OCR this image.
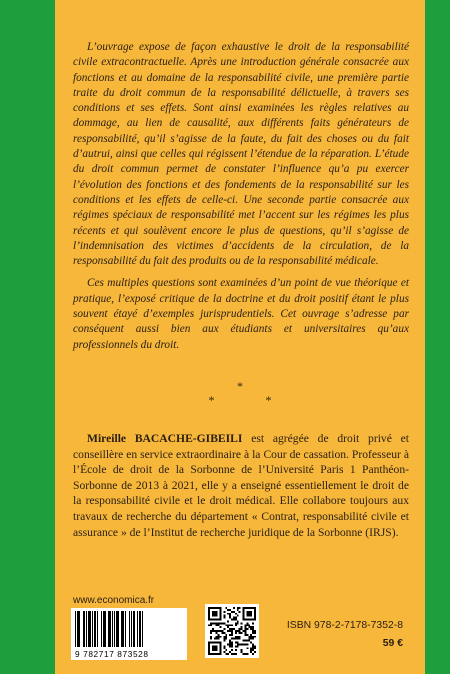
L’ouvrage expose de façon exhaustive le droit de la responsabilité civile extracontractuelle. Après une introduction générale consacrée aux fonctions et au domaine de la responsabilité civile, une première partie traite du droit commun de la responsabilité délictuelle, à travers ses conditions et ses effets. Sont ainsi examinées les règles relatives au dommage, au lien de causalité, aux différents faits générateurs de responsabilité, qu’il s’agisse de la faute, du fait des choses ou du fait d’autrui, ainsi que celles qui régissent l’étendue de la réparation. L’étude du droit commun permet de constater l’influence qu’a pu exercer l’évolution des fonctions et des fondements de la responsabilité sur les conditions et les effets de celle-ci. Une seconde partie consacrée aux régimes spéciaux de responsabilité met l’accent sur les régimes les plus récents et qui soulèvent encore le plus de questions, qu’il s’agisse de l’indemnisation des victimes d’accidents de la circulation, de la responsabilité du fait des produits ou de la responsabilité médicale.

Ces multiples questions sont examinées d’un point de vue théorique et pratique, l’exposé critique de la doctrine et du droit positif étant le plus souvent étayé d’exemples jurisprudentiels. Cet ouvrage s’adresse par conséquent aussi bien aux étudiants et universitaires qu’aux professionnels du droit.

*
* *
Mireille BACACHE-GIBEILI est agrégée de droit privé et conseillère en service extraordinaire à la Cour de cassation. Professeur à l’École de droit de la Sorbonne de l’Université Paris 1 Panthéon-Sorbonne de 2013 à 2021, elle y a enseigné essentiellement le droit de la responsabilité civile et le droit médical. Elle collabore toujours aux travaux de recherche du département « Contrat, responsabilité civile et assurance » de l’Institut de recherche juridique de la Sorbonne (IRJS).
www.economica.fr
9 782717 873528
ISBN 978-2-7178-7352-8
59 €
